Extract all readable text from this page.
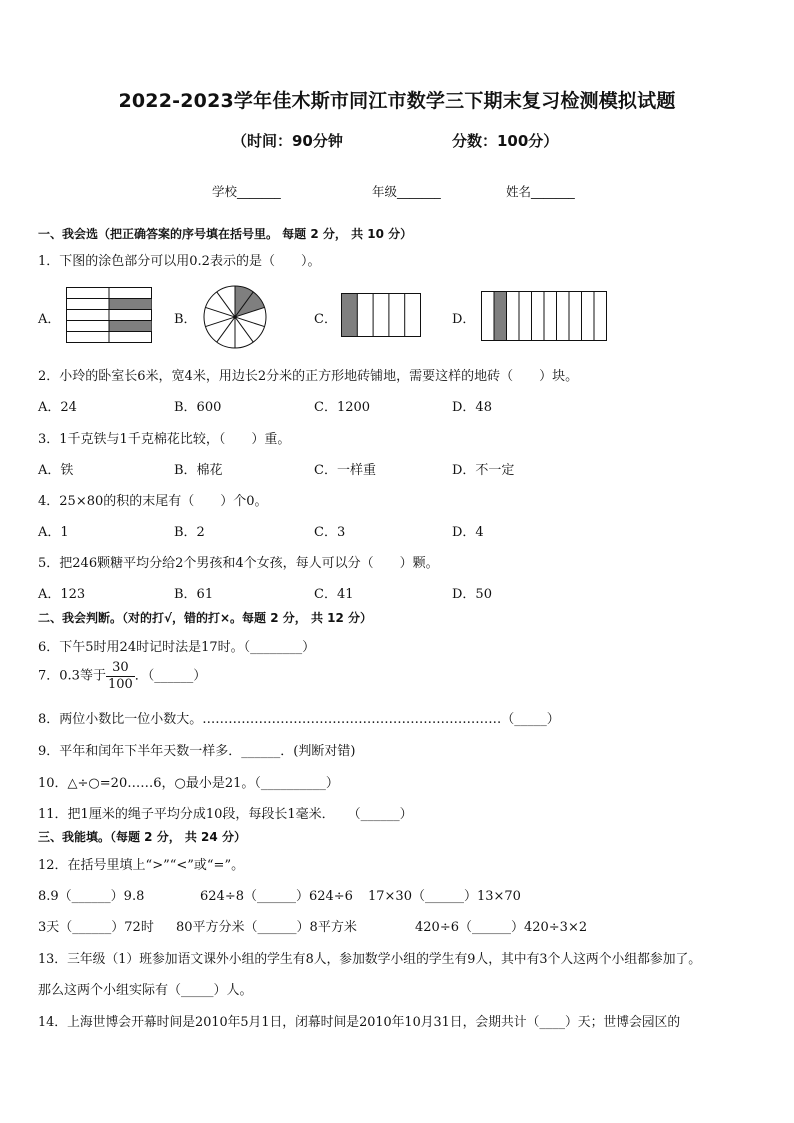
2022-2023学年佳木斯市同江市数学三下期末复习检测模拟试题
（时间：90分钟	分数：100分）
学校_______	年级_______	姓名_______
一、我会选（把正确答案的序号填在括号里。 每题 2 分， 共 10 分）
1．下图的涂色部分可以用0.2表示的是（　　）。
A．	B．	C．	D．
2．小玲的卧室长6米，宽4米，用边长2分米的正方形地砖铺地，需要这样的地砖（　　）块。
A．24	B．600	C．1200	D．48
3．1千克铁与1千克棉花比较，（　　）重。
A．铁	B．棉花	C．一样重	D．不一定
4．25×80的积的末尾有（　　）个0。
A．1	B．2	C．3	D．4
5．把246颗糖平均分给2个男孩和4个女孩，每人可以分（　　）颗。
A．123	B．61	C．41	D．50
二、我会判断。（对的打√，错的打×。每题 2 分， 共 12 分）
6．下午5时用24时记时法是17时。（________）
7．0.3等于 $\frac{30}{100}$ ．（______）
8．两位小数比一位小数大。……………………………………………………………（_____）
9．平年和闰年下半年天数一样多．______．(判断对错)
10．△÷○=20……6，○最小是21。（__________）
11．把1厘米的绳子平均分成10段，每段长1毫米．　　（______）
三、我能填。（每题 2 分， 共 24 分）
12．在括号里填上“>”“<”或“=”。
8.9（______）9.8	624÷8（______）624÷6 17×30（______）13×70
3天（______）72时 80平方分米（______）8平方米	420÷6（______）420÷3×2
13．三年级（1）班参加语文课外小组的学生有8人，参加数学小组的学生有9人，其中有3个人这两个小组都参加了。
那么这两个小组实际有（_____）人。
14．上海世博会开幕时间是2010年5月1日，闭幕时间是2010年10月31日，会期共计（____）天；世博会园区的
